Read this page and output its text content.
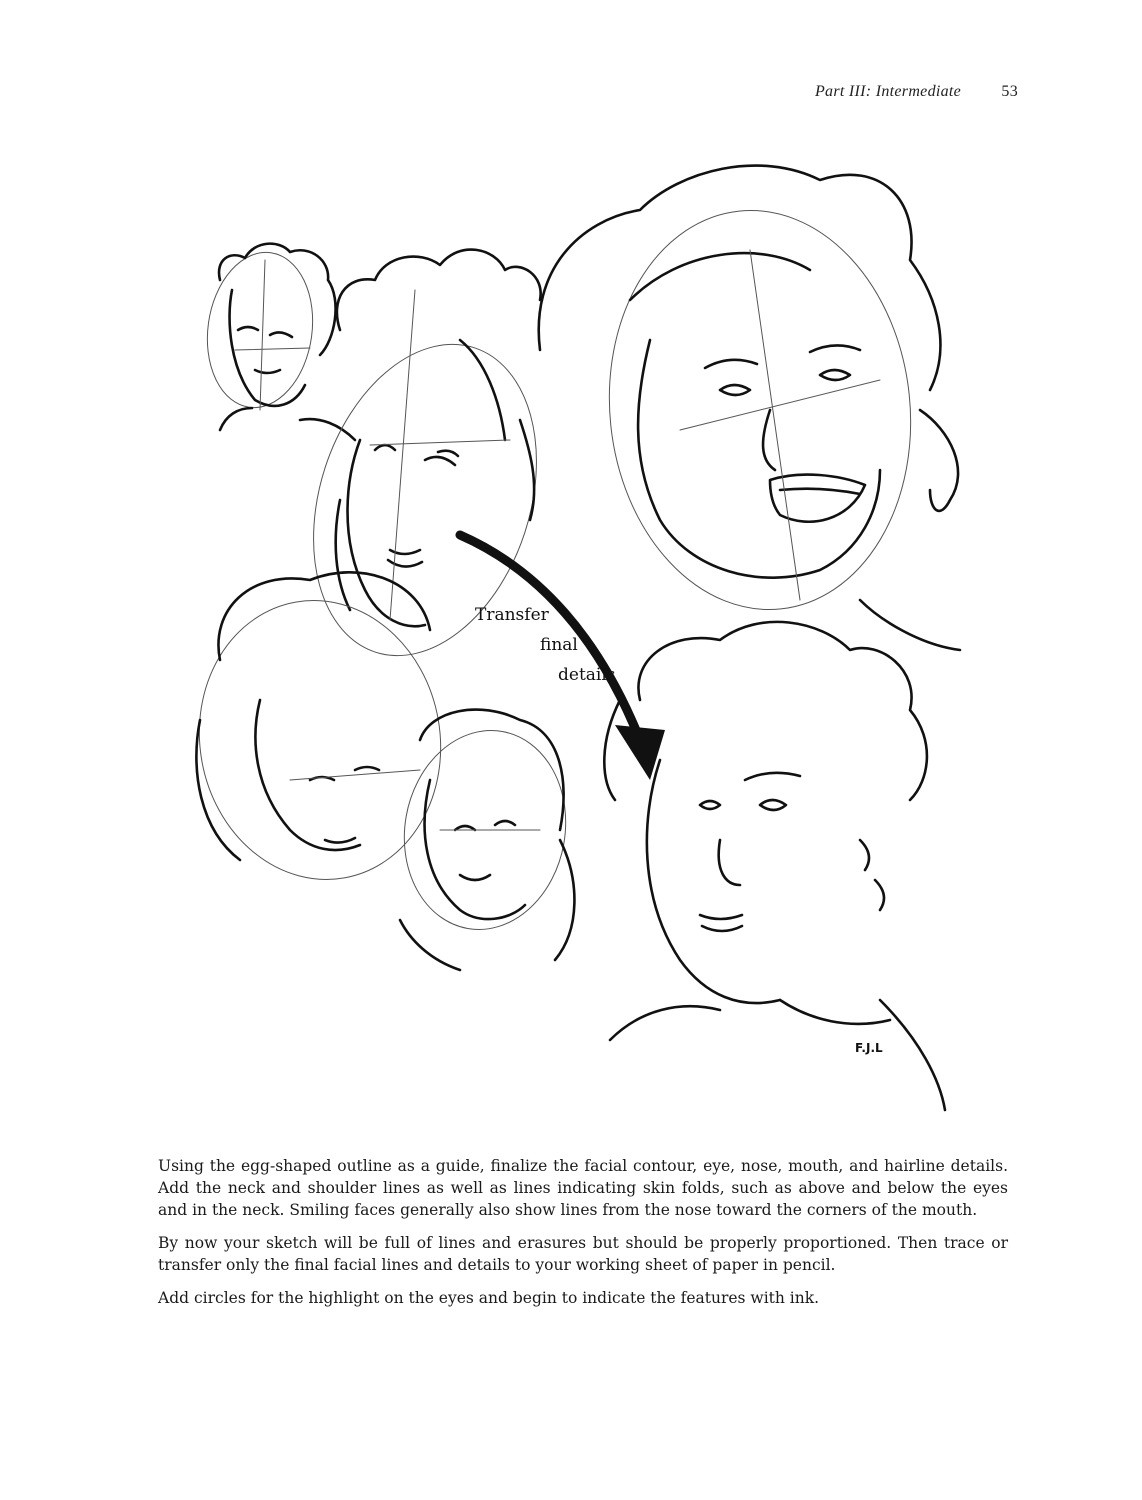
Part III: Intermediate	53
Transfer
final
details
F.J.L

Using the egg-shaped outline as a guide, finalize the facial contour, eye, nose, mouth, and hairline details. Add the neck and shoulder lines as well as lines indicating skin folds, such as above and below the eyes and in the neck. Smiling faces generally also show lines from the nose toward the corners of the mouth.

By now your sketch will be full of lines and erasures but should be properly proportioned. Then trace or transfer only the final facial lines and details to your working sheet of paper in pencil.

Add circles for the highlight on the eyes and begin to indicate the features with ink.
